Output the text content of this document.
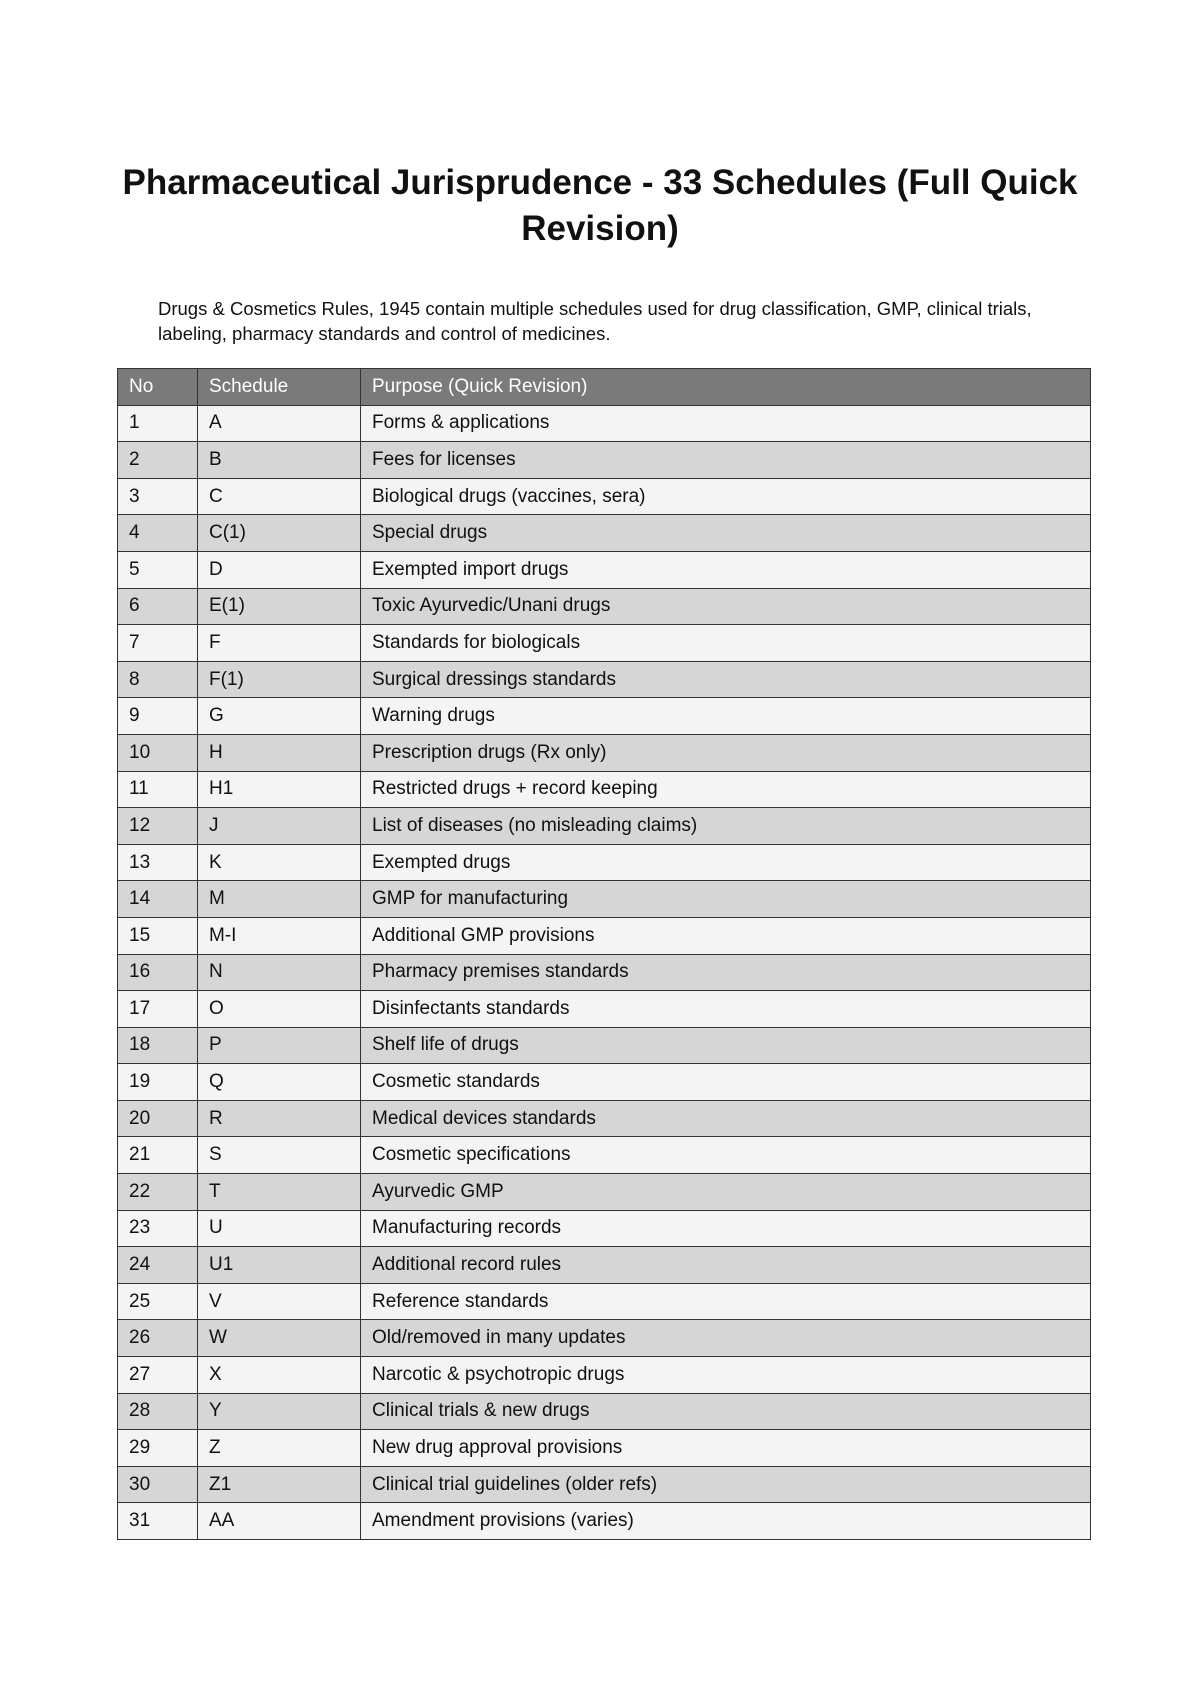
Pharmaceutical Jurisprudence - 33 Schedules (Full Quick Revision)

Drugs & Cosmetics Rules, 1945 contain multiple schedules used for drug classification, GMP, clinical trials, labeling, pharmacy standards and control of medicines.

No	Schedule	Purpose (Quick Revision)
1	A	Forms & applications
2	B	Fees for licenses
3	C	Biological drugs (vaccines, sera)
4	C(1)	Special drugs
5	D	Exempted import drugs
6	E(1)	Toxic Ayurvedic/Unani drugs
7	F	Standards for biologicals
8	F(1)	Surgical dressings standards
9	G	Warning drugs
10	H	Prescription drugs (Rx only)
11	H1	Restricted drugs + record keeping
12	J	List of diseases (no misleading claims)
13	K	Exempted drugs
14	M	GMP for manufacturing
15	M-I	Additional GMP provisions
16	N	Pharmacy premises standards
17	O	Disinfectants standards
18	P	Shelf life of drugs
19	Q	Cosmetic standards
20	R	Medical devices standards
21	S	Cosmetic specifications
22	T	Ayurvedic GMP
23	U	Manufacturing records
24	U1	Additional record rules
25	V	Reference standards
26	W	Old/removed in many updates
27	X	Narcotic & psychotropic drugs
28	Y	Clinical trials & new drugs
29	Z	New drug approval provisions
30	Z1	Clinical trial guidelines (older refs)
31	AA	Amendment provisions (varies)
